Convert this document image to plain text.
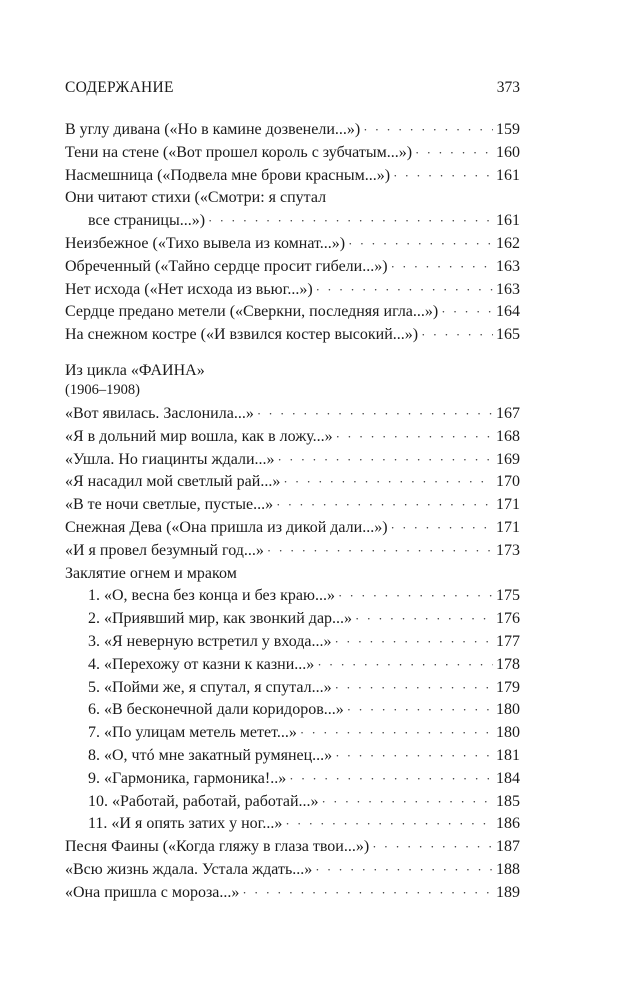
СОДЕРЖАНИЕ	373
В углу дивана («Но в камине дозвенели...») · · ·	159
Тени на стене («Вот прошел король с зубчатым...») · · ·	160
Насмешница («Подвела мне брови красным...») · · ·	161
Они читают стихи («Смотри: я спутал
все страницы...») · · ·	161
Неизбежное («Тихо вывела из комнат...») · · ·	162
Обреченный («Тайно сердце просит гибели...») · · ·	163
Нет исхода («Нет исхода из вьюг...») · · ·	163
Сердце предано метели («Сверкни, последняя игла...») · · ·	164
На снежном костре («И взвился костер высокий...») · · ·	165
Из цикла «ФАИНА»
(1906–1908)
«Вот явилась. Заслонила...» · · ·	167
«Я в дольний мир вошла, как в ложу...» · · ·	168
«Ушла. Но гиацинты ждали...» · · ·	169
«Я насадил мой светлый рай...» · · ·	170
«В те ночи светлые, пустые...» · · ·	171
Снежная Дева («Она пришла из дикой дали...») · · ·	171
«И я провел безумный год...» · · ·	173
Заклятие огнем и мраком
1. «О, весна без конца и без краю...» · · ·	175
2. «Приявший мир, как звонкий дар...» · · ·	176
3. «Я неверную встретил у входа...» · · ·	177
4. «Перехожу от казни к казни...» · · ·	178
5. «Пойми же, я спутал, я спутал...» · · ·	179
6. «В бесконечной дали коридоров...» · · ·	180
7. «По улицам метель метет...» · · ·	180
8. «О, чтó мне закатный румянец...» · · ·	181
9. «Гармоника, гармоника!..» · · ·	184
10. «Работай, работай, работай...» · · ·	185
11. «И я опять затих у ног...» · · ·	186
Песня Фаины («Когда гляжу в глаза твои...») · · ·	187
«Всю жизнь ждала. Устала ждать...» · · ·	188
«Она пришла с мороза...» · · ·	189
